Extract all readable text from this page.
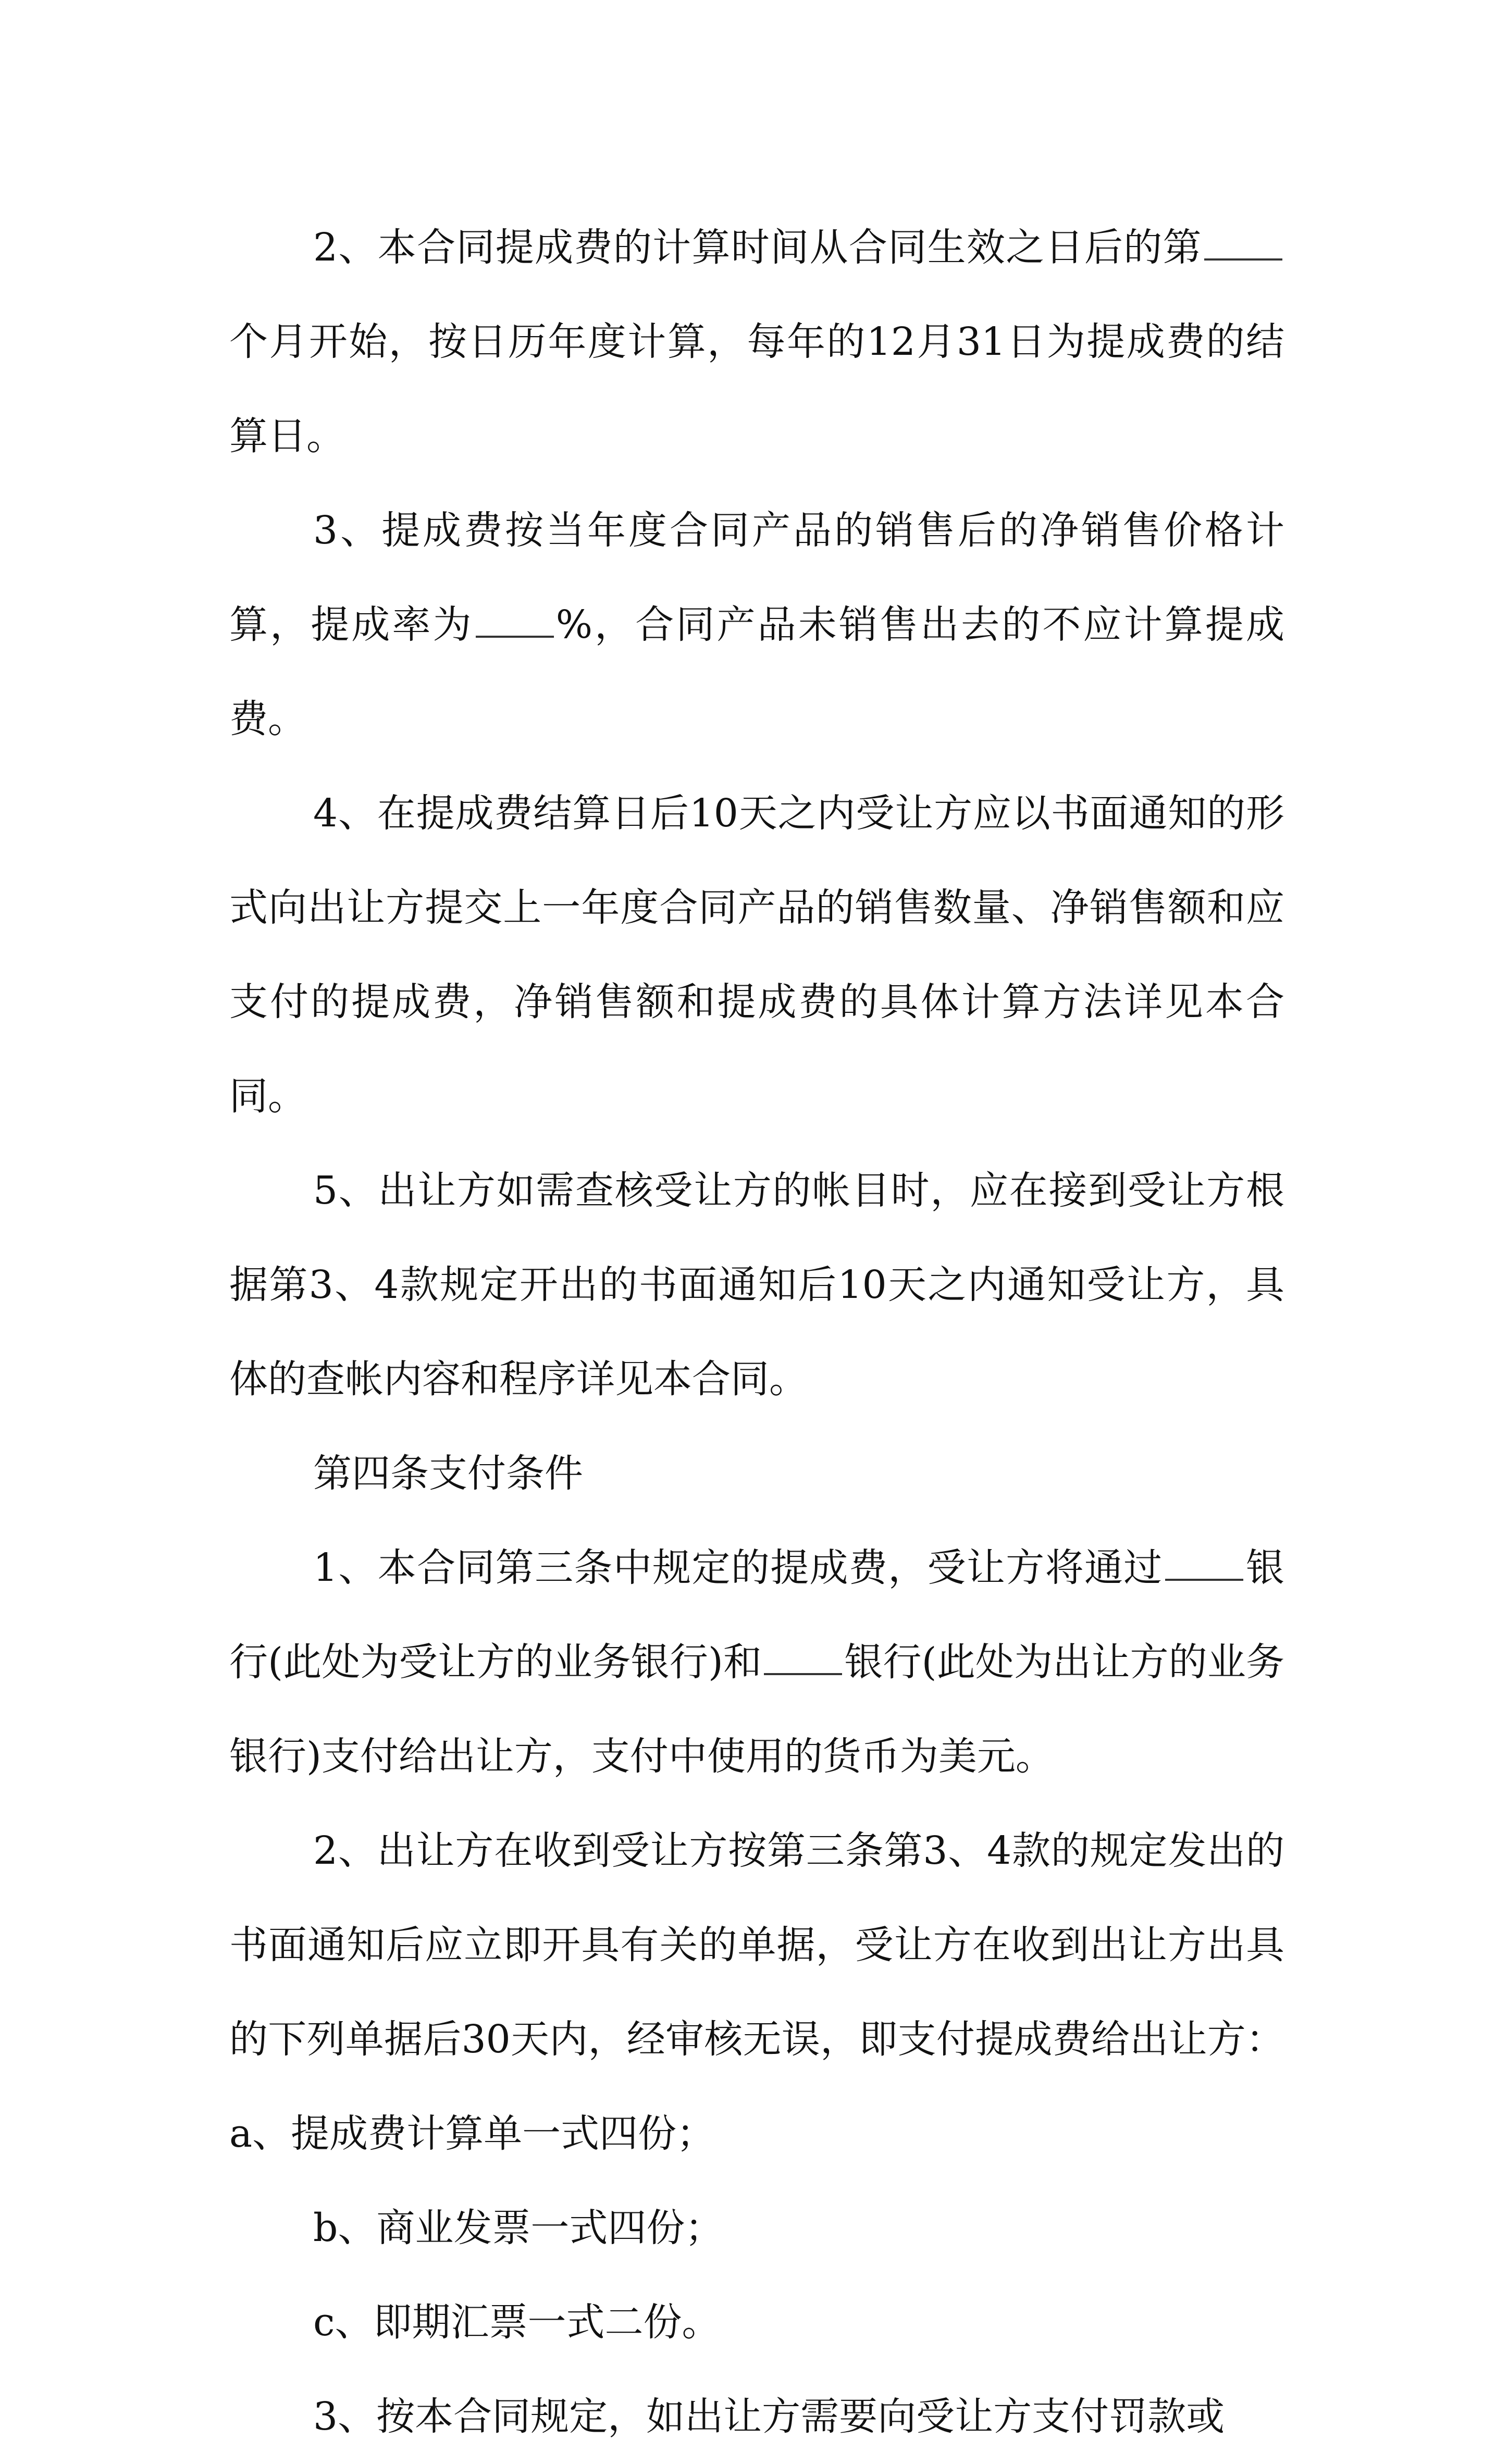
2、本合同提成费的计算时间从合同生效之日后的第个月开始，按日历年度计算，每年的12月31日为提成费的结算日。

3、提成费按当年度合同产品的销售后的净销售价格计算，提成率为 %，合同产品未销售出去的不应计算提成费。

4、在提成费结算日后10天之内受让方应以书面通知的形式向出让方提交上一年度合同产品的销售数量、净销售额和应支付的提成费，净销售额和提成费的具体计算方法详见本合同。

5、出让方如需查核受让方的帐目时，应在接到受让方根据第3、4款规定开出的书面通知后10天之内通知受让方，具体的查帐内容和程序详见本合同。

第四条支付条件

1、本合同第三条中规定的提成费，受让方将通过 银行(此处为受让方的业务银行)和 银行(此处为出让方的业务银行)支付给出让方，支付中使用的货币为美元。

2、出让方在收到受让方按第三条第3、4款的规定发出的书面通知后应立即开具有关的单据，受让方在收到出让方出具的下列单据后30天内，经审核无误，即支付提成费给出让方：a、提成费计算单一式四份；

b、商业发票一式四份；

c、即期汇票一式二份。

3、按本合同规定，如出让方需要向受让方支付罚款或
